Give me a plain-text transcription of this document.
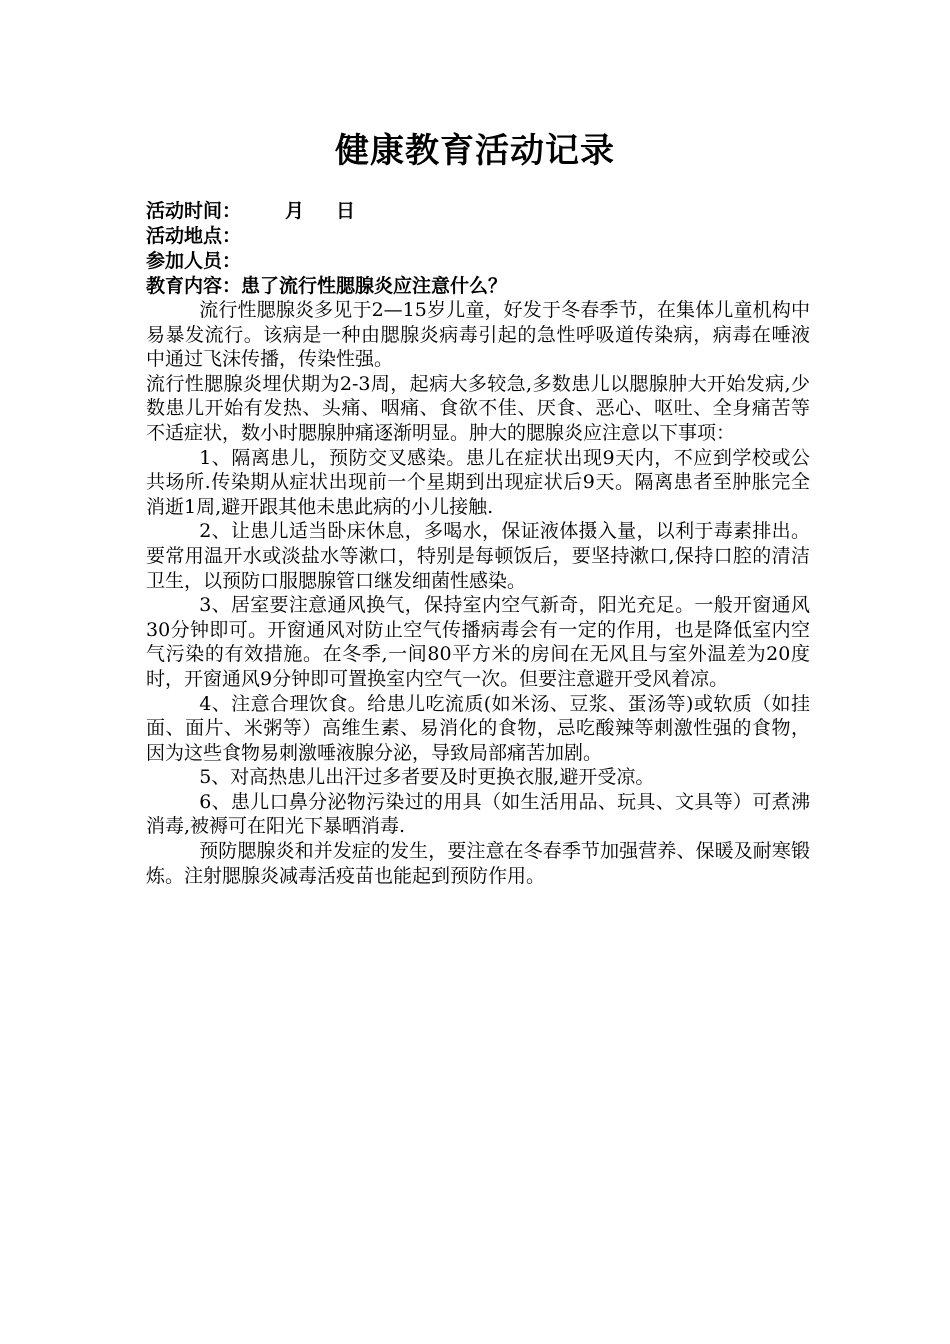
健康教育活动记录
活动时间： 月 日
活动地点：
参加人员：
教育内容：患了流行性腮腺炎应注意什么？

流行性腮腺炎多见于2—15岁儿童，好发于冬春季节，在集体儿童机构中易暴发流行。该病是一种由腮腺炎病毒引起的急性呼吸道传染病，病毒在唾液中通过飞沫传播，传染性强。

流行性腮腺炎埋伏期为2-3周，起病大多较急,多数患儿以腮腺肿大开始发病,少数患儿开始有发热、头痛、咽痛、食欲不佳、厌食、恶心、呕吐、全身痛苦等不适症状，数小时腮腺肿痛逐渐明显。肿大的腮腺炎应注意以下事项：

1、隔离患儿，预防交叉感染。患儿在症状出现9天内，不应到学校或公共场所.传染期从症状出现前一个星期到出现症状后9天。隔离患者至肿胀完全消逝1周,避开跟其他未患此病的小儿接触.

2、让患儿适当卧床休息，多喝水，保证液体摄入量，以利于毒素排出。要常用温开水或淡盐水等漱口，特别是每顿饭后，要坚持漱口,保持口腔的清洁卫生，以预防口服腮腺管口继发细菌性感染。

3、居室要注意通风换气，保持室内空气新奇，阳光充足。一般开窗通风30分钟即可。开窗通风对防止空气传播病毒会有一定的作用，也是降低室内空气污染的有效措施。在冬季,一间80平方米的房间在无风且与室外温差为20度时，开窗通风9分钟即可置换室内空气一次。但要注意避开受风着凉。

4、注意合理饮食。给患儿吃流质(如米汤、豆浆、蛋汤等)或软质（如挂面、面片、米粥等）高维生素、易消化的食物，忌吃酸辣等刺激性强的食物，因为这些食物易刺激唾液腺分泌，导致局部痛苦加剧。

5、对高热患儿出汗过多者要及时更换衣服,避开受凉。

6、患儿口鼻分泌物污染过的用具（如生活用品、玩具、文具等）可煮沸消毒,被褥可在阳光下暴晒消毒.

预防腮腺炎和并发症的发生，要注意在冬春季节加强营养、保暖及耐寒锻炼。注射腮腺炎减毒活疫苗也能起到预防作用。
